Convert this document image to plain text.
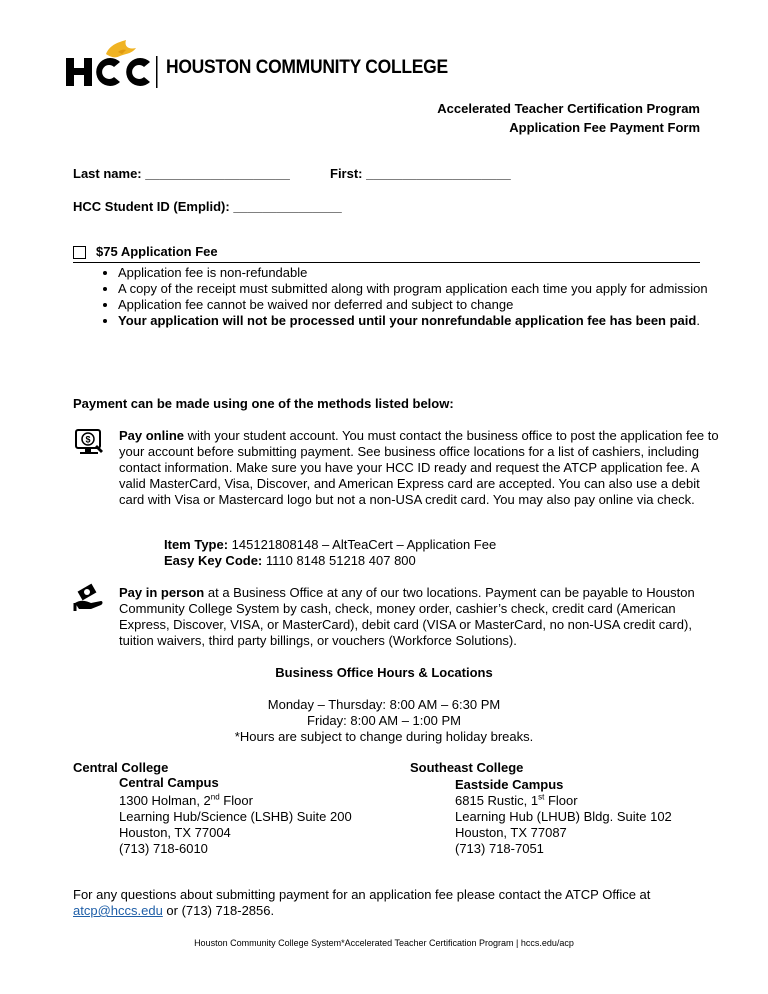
HOUSTON COMMUNITY COLLEGE
Accelerated Teacher Certification Program
Application Fee Payment Form
Last name: ____________________	First: ____________________
HCC Student ID (Emplid): _______________
$75 Application Fee
• Application fee is non-refundable
• A copy of the receipt must submitted along with program application each time you apply for admission
• Application fee cannot be waived nor deferred and subject to change
• Your application will not be processed until your nonrefundable application fee has been paid.
Payment can be made using one of the methods listed below:
$ Pay online with your student account. You must contact the business office to post the application fee to your account before submitting payment. See business office locations for a list of cashiers, including contact information. Make sure you have your HCC ID ready and request the ATCP application fee. A valid MasterCard, Visa, Discover, and American Express card are accepted. You can also use a debit card with Visa or Mastercard logo but not a non-USA credit card. You may also pay online via check.
Item Type: 145121808148 – AltTeaCert – Application Fee
Easy Key Code: 1110 8148 51218 407 800
Pay in person at a Business Office at any of our two locations. Payment can be payable to Houston Community College System by cash, check, money order, cashier’s check, credit card (American Express, Discover, VISA, or MasterCard), debit card (VISA or MasterCard, no non-USA credit card), tuition waivers, third party billings, or vouchers (Workforce Solutions).
Business Office Hours & Locations
Monday – Thursday: 8:00 AM – 6:30 PM
Friday: 8:00 AM – 1:00 PM
*Hours are subject to change during holiday breaks.
Central College
Central Campus
1300 Holman, 2nd Floor
Learning Hub/Science (LSHB) Suite 200
Houston, TX 77004
(713) 718-6010
Southeast College
Eastside Campus
6815 Rustic, 1st Floor
Learning Hub (LHUB) Bldg. Suite 102
Houston, TX 77087
(713) 718-7051
For any questions about submitting payment for an application fee please contact the ATCP Office at
atcp@hccs.edu or (713) 718-2856.
Houston Community College System*Accelerated Teacher Certification Program | hccs.edu/acp
